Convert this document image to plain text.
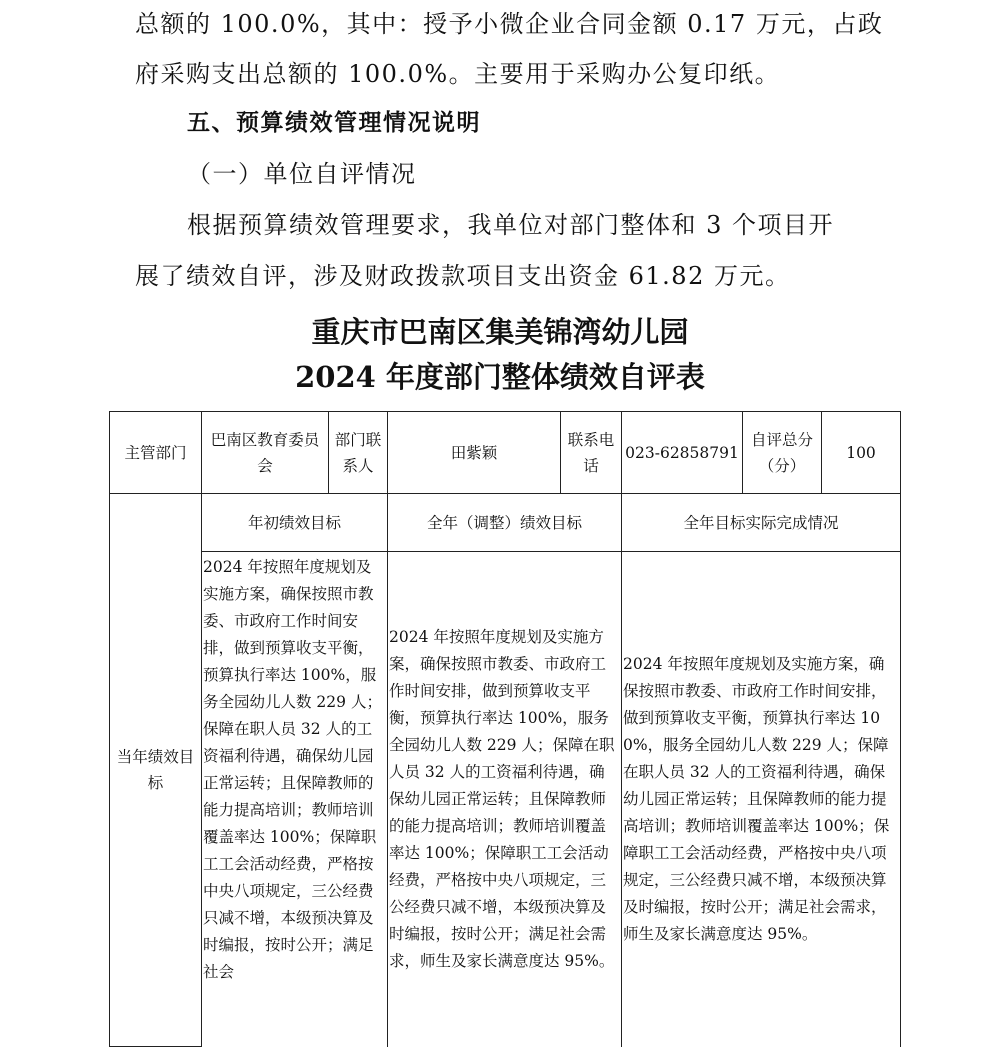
总额的 100.0%，其中：授予小微企业合同金额 0.17 万元，占政
府采购支出总额的 100.0%。主要用于采购办公复印纸。
五、预算绩效管理情况说明
（一）单位自评情况
根据预算绩效管理要求，我单位对部门整体和 3 个项目开
展了绩效自评，涉及财政拨款项目支出资金 61.82 万元。
重庆市巴南区集美锦湾幼儿园
2024 年度部门整体绩效自评表
主管部门	巴南区教育委员会	部门联系人	田紫颖	联系电话	023-62858791	自评总分（分）	100
当年绩效目标	年初绩效目标		全年（调整）绩效目标		全年目标实际完成情况		
	2024 年按照年度规划及实施方案，确保按照市教委、市政府工作时间安排，做到预算收支平衡，预算执行率达 100%，服务全园幼儿人数 229 人；保障在职人员 32 人的工资福利待遇，确保幼儿园正常运转；且保障教师的能力提高培训；教师培训覆盖率达 100%；保障职工工会活动经费，严格按中央八项规定，三公经费只减不增，本级预决算及时编报，按时公开；满足社会		2024 年按照年度规划及实施方案，确保按照市教委、市政府工作时间安排，做到预算收支平衡，预算执行率达 100%，服务全园幼儿人数 229 人；保障在职人员 32 人的工资福利待遇，确保幼儿园正常运转；且保障教师的能力提高培训；教师培训覆盖率达 100%；保障职工工会活动经费，严格按中央八项规定，三公经费只减不增，本级预决算及时编报，按时公开；满足社会需求，师生及家长满意度达 95%。		2024 年按照年度规划及实施方案，确保按照市教委、市政府工作时间安排，做到预算收支平衡，预算执行率达 100%，服务全园幼儿人数 229 人；保障在职人员 32 人的工资福利待遇，确保幼儿园正常运转；且保障教师的能力提高培训；教师培训覆盖率达 100%；保障职工工会活动经费，严格按中央八项规定，三公经费只减不增，本级预决算及时编报，按时公开；满足社会需求，师生及家长满意度达 95%。		
